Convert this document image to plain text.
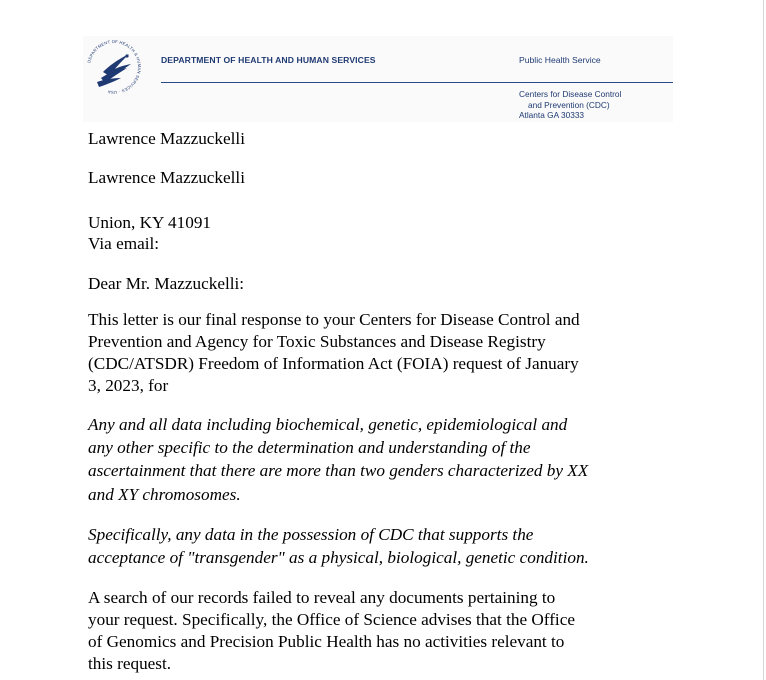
DEPARTMENT OF HEALTH & HUMAN SERVICES · USA
DEPARTMENT OF HEALTH AND HUMAN SERVICES	Public Health Service
Centers for Disease Control
and Prevention (CDC)
Atlanta GA 30333
Lawrence Mazzuckelli
Lawrence Mazzuckelli
Union, KY 41091
Via email:
Dear Mr. Mazzuckelli:
This letter is our final response to your Centers for Disease Control and
Prevention and Agency for Toxic Substances and Disease Registry
(CDC/ATSDR) Freedom of Information Act (FOIA) request of January
3, 2023, for
Any and all data including biochemical, genetic, epidemiological and
any other specific to the determination and understanding of the
ascertainment that there are more than two genders characterized by XX
and XY chromosomes.
Specifically, any data in the possession of CDC that supports the
acceptance of "transgender" as a physical, biological, genetic condition.
A search of our records failed to reveal any documents pertaining to
your request. Specifically, the Office of Science advises that the Office
of Genomics and Precision Public Health has no activities relevant to
this request.
